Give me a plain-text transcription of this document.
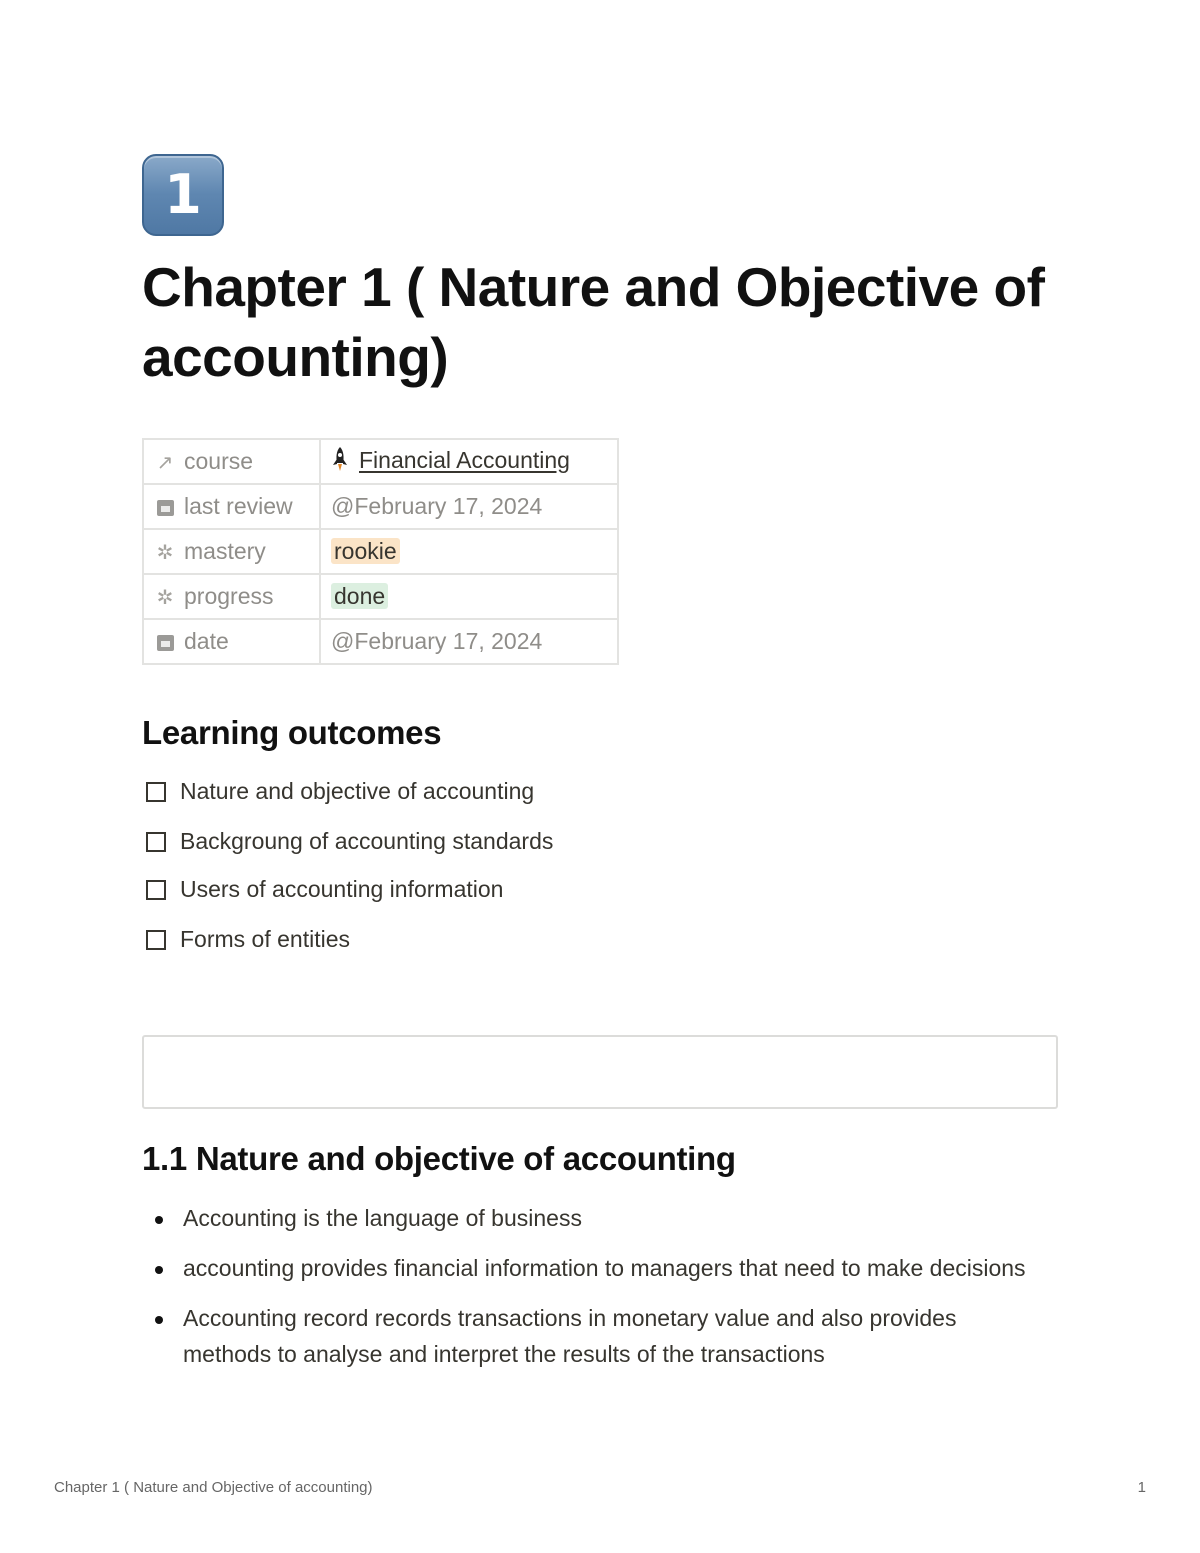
1
Chapter 1 ( Nature and Objective of accounting)
↗ course	Financial Accounting
last review	@February 17, 2024
✲ mastery	rookie
✲ progress	done
date	@February 17, 2024
Learning outcomes
Nature and objective of accounting
Backgroung of accounting standards
Users of accounting information
Forms of entities
1.1 Nature and objective of accounting
Accounting is the language of business
accounting provides financial information to managers that need to make decisions
Accounting record records transactions in monetary value and also provides methods to analyse and interpret the results of the transactions
Chapter 1 ( Nature and Objective of accounting)	1
